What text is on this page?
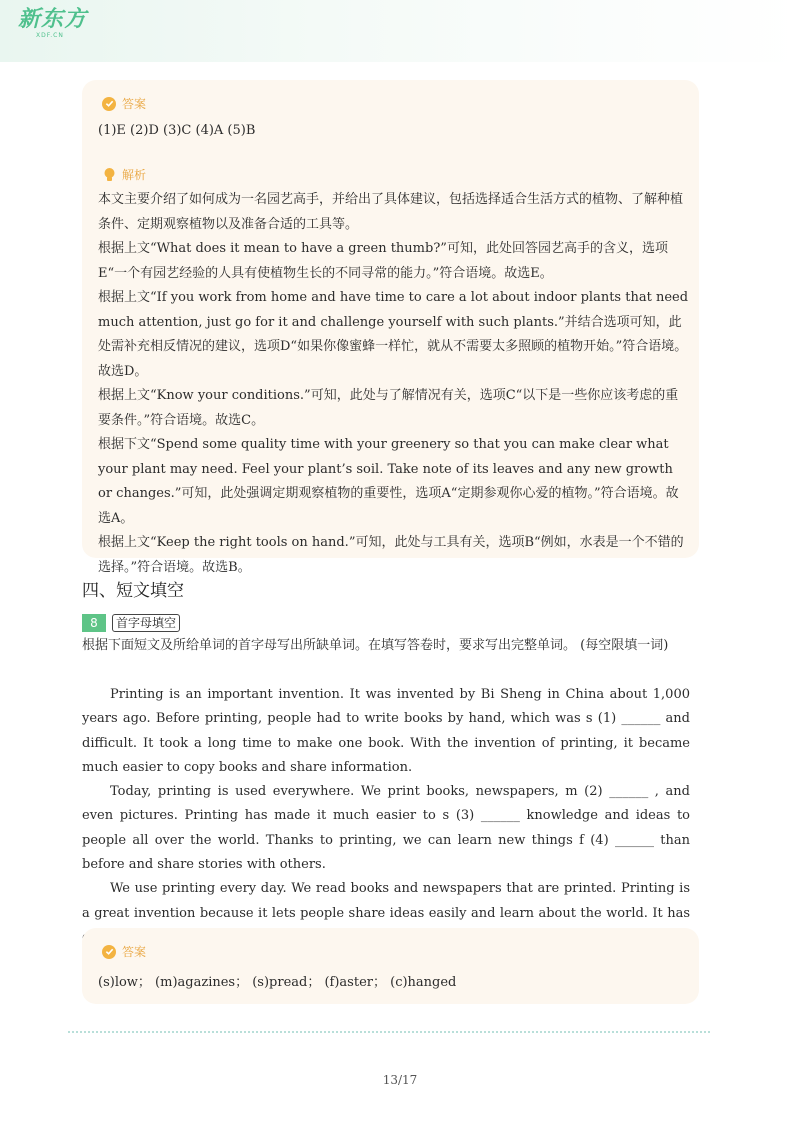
新东方
XDF.CN
答案
(1)E (2)D (3)C (4)A (5)B
解析

本文主要介绍了如何成为一名园艺高手，并给出了具体建议，包括选择适合生活方式的植物、了解种植条件、定期观察植物以及准备合适的工具等。

根据上文“What does it mean to have a green thumb?”可知，此处回答园艺高手的含义，选项E“一个有园艺经验的人具有使植物生长的不同寻常的能力。”符合语境。故选E。

根据上文“If you work from home and have time to care a lot about indoor plants that need much attention, just go for it and challenge yourself with such plants.”并结合选项可知，此处需补充相反情况的建议，选项D“如果你像蜜蜂一样忙，就从不需要太多照顾的植物开始。”符合语境。故选D。

根据上文“Know your conditions.”可知，此处与了解情况有关，选项C“以下是一些你应该考虑的重要条件。”符合语境。故选C。

根据下文“Spend some quality time with your greenery so that you can make clear what your plant may need. Feel your plant’s soil. Take note of its leaves and any new growth or changes.”可知，此处强调定期观察植物的重要性，选项A“定期参观你心爱的植物。”符合语境。故选A。

根据上文“Keep the right tools on hand.”可知，此处与工具有关，选项B“例如，水表是一个不错的选择。”符合语境。故选B。

四、短文填空
8	首字母填空
根据下面短文及所给单词的首字母写出所缺单词。在填写答卷时，要求写出完整单词。 (每空限填一词)

Printing is an important invention. It was invented by Bi Sheng in China about 1,000 years ago. Before printing, people had to write books by hand, which was s (1) ______ and difficult. It took a long time to make one book. With the invention of printing, it became much easier to copy books and share information.

Today, printing is used everywhere. We print books, newspapers, m (2) ______ , and even pictures. Printing has made it much easier to s (3) ______ knowledge and ideas to people all over the world. Thanks to printing, we can learn new things f (4) ______ than before and share stories with others.

We use printing every day. We read books and newspapers that are printed. Printing is a great invention because it lets people share ideas easily and learn about the world. It has

答案
(s)low； (m)agazines； (s)pread； (f)aster； (c)hanged
13/17
